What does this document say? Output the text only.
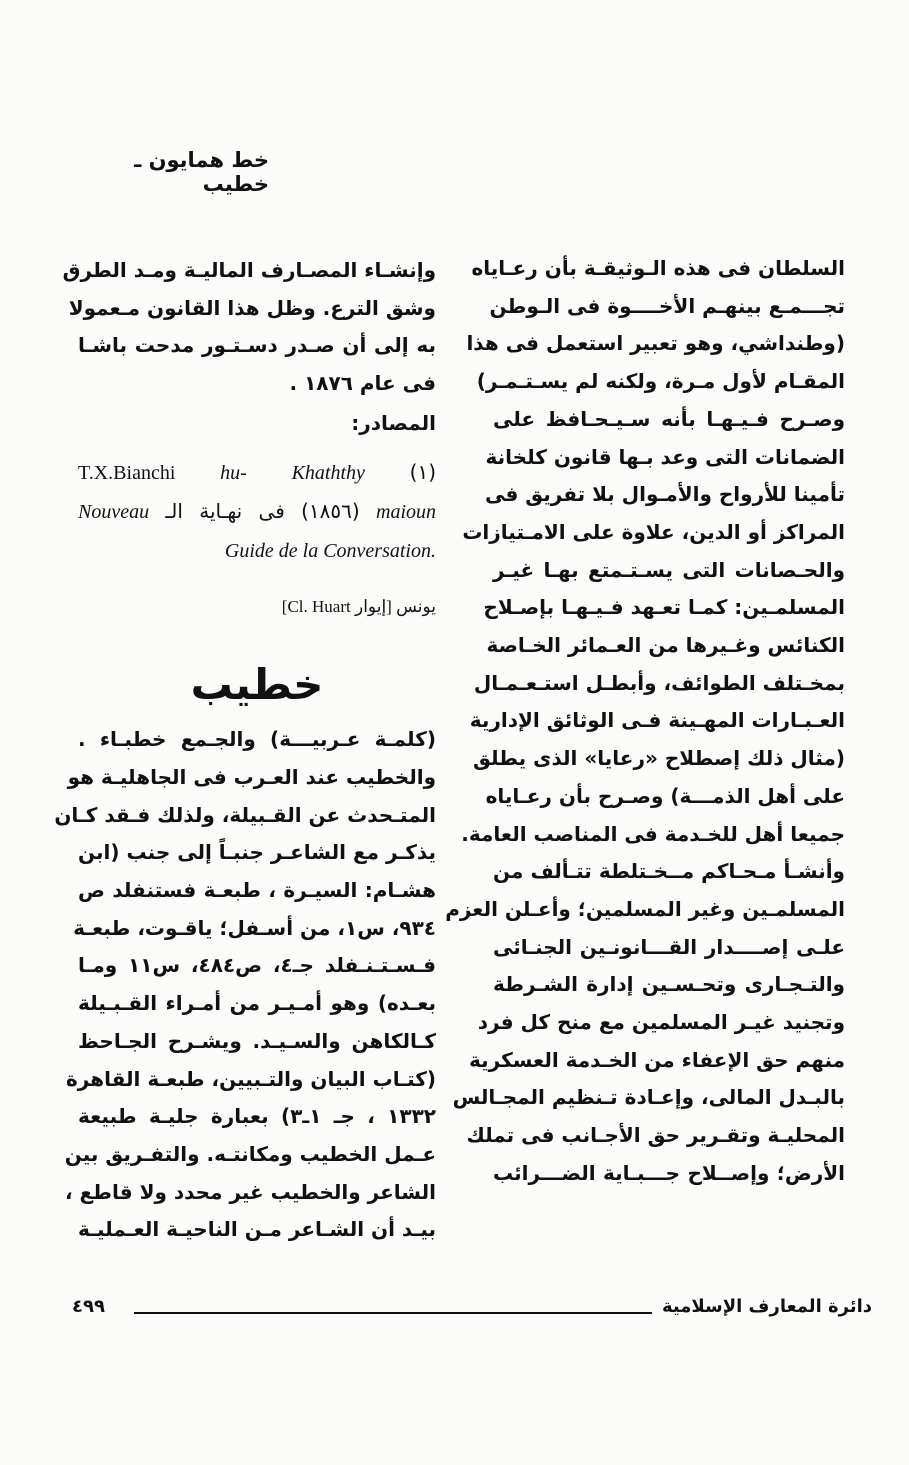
خط همايون ـ خطيب
السلطان فى هذه الـوثيقـة بأن رعـاياه
تجـــمـع بينهـم الأخــــوة فى الـوطن
(وطنداشي، وهو تعبير استعمل فى هذا
المقـام لأول مـرة، ولكنه لم يسـتـمـر)
وصـرح فـيـهـا بأنه سـيـحـافظ على
الضمانات التى وعد بـها قانون كلخانة
تأمينا للأرواح والأمـوال بلا تفريق فى
المراكز أو الدين، علاوة على الامـتيازات
والحـصانات التى يسـتـمتع بهـا غيـر
المسلمـين: كمـا تعـهد فـيـهـا بإصـلاح
الكنائس وغـيرها من العـمائر الخـاصة
بمخـتلف الطوائف، وأبطـل استـعـمـال
العـبـارات المهـينة فـى الوثائق الإدارية
(مثال ذلك إصطلاح «رعايا» الذى يطلق
على أهل الذمـــة) وصـرح بأن رعـاياه
جميعا أهل للخـدمة فى المناصب العامة.
وأنشـأ مـحـاكم مــخـتلطة تتـألف من
المسلمـين وغير المسلمين؛ وأعـلن العزم
علـى إصــــدار القـــانونـين الجنـائى
والتـجـارى وتحـسـين إدارة الشـرطة
وتجنيد غيـر المسلمين مع منح كل فرد
منهم حق الإعفاء من الخـدمة العسكرية
بالبـدل المالى، وإعـادة تـنظيم المجـالس
المحليـة وتقـرير حق الأجـانب فى تملك
الأرض؛ وإصــلاح جـــبـاية الضـــرائب
وإنشـاء المصـارف الماليـة ومـد الطرق
وشق الترع. وظل هذا القانون مـعمولا
به إلى أن صـدر دسـتـور مدحت باشـا
فى عام ١٨٧٦ .
المصادر:
(١) T.X.Bianchi hu- Khaththy
maioun (١٨٥٦) فى نهـاية الـ Nouveau
.Guide de la Conversation
يونس [إيوار Cl. Huart]
خطيب
(كلمـة عـربيـــة) والجـمع خطبـاء .
والخطيب عند العـرب فى الجاهليـة هو
المتـحدث عن القـبيلة، ولذلك فـقد كـان
يذكـر مع الشاعـر جنبـاً إلى جنب (ابن
هشـام: السيـرة ، طبعـة فستنفلد ص
٩٣٤، س١، من أسـفل؛ ياقـوت، طبعـة
فـسـتـنـفلد جـ٤، ص٤٨٤، س١١ ومـا
بعـده) وهو أمـيـر من أمـراء القـبـيلة
كـالكاهن والسـيـد. ويشـرح الجـاحظ
(كتـاب البيان والتـبيين، طبعـة القاهرة
١٣٣٢ ، جـ ١ـ٣) بعبارة جليـة طبيعة
عـمل الخطيب ومكانتـه. والتفـريق بين
الشاعر والخطيب غير محدد ولا قاطع ،
بيـد أن الشـاعر مـن الناحيـة العـمليـة
٤٩٩	دائرة المعارف الإسلامية
